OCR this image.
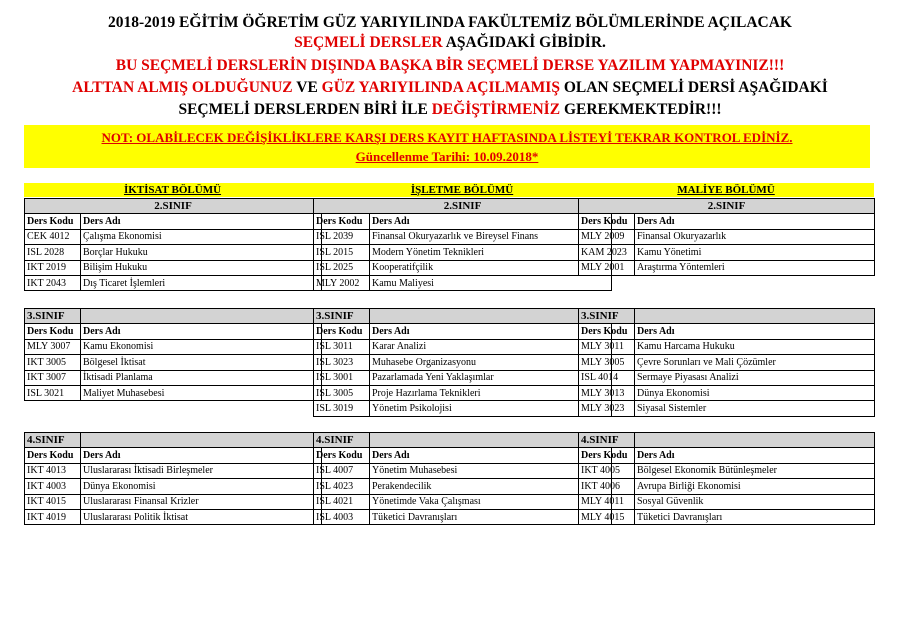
2018-2019 EĞİTİM ÖĞRETİM GÜZ YARIYILINDA FAKÜLTEMİZ BÖLÜMLERİNDE AÇILACAK
SEÇMELİ DERSLER AŞAĞIDAKİ GİBİDİR.
BU SEÇMELİ DERSLERİN DIŞINDA BAŞKA BİR SEÇMELİ DERSE YAZILIM YAPMAYINIZ!!!
ALTTAN ALMIŞ OLDUĞUNUZ VE GÜZ YARIYILINDA AÇILMAMIŞ OLAN SEÇMELİ DERSİ AŞAĞIDAKİ
SEÇMELİ DERSLERDEN BİRİ İLE DEĞİŞTİRMENİZ GEREKMEKTEDİR!!!
NOT: OLABİLECEK DEĞİŞİKLİKLERE KARŞI DERS KAYIT HAFTASINDA LİSTEYİ TEKRAR KONTROL EDİNİZ.
Güncellenme Tarihi: 10.09.2018*
İKTİSAT BÖLÜMÜ
2.SINIF	
Ders Kodu	Ders Adı
CEK 4012	Çalışma Ekonomisi
ISL 2028	Borçlar Hukuku
IKT 2019	Bilişim Hukuku
IKT 2043	Dış Ticaret İşlemleri
3.SINIF	
Ders Kodu	Ders Adı
MLY 3007	Kamu Ekonomisi
IKT 3005	Bölgesel İktisat
IKT 3007	İktisadi Planlama
ISL 3021	Maliyet Muhasebesi
4.SINIF	
Ders Kodu	Ders Adı
IKT 4013	Uluslararası İktisadi Birleşmeler
IKT 4003	Dünya Ekonomisi
IKT 4015	Uluslararası Finansal Krizler
IKT 4019	Uluslararası Politik İktisat
İŞLETME BÖLÜMÜ
2.SINIF	
Ders Kodu	Ders Adı
ISL 2039	Finansal Okuryazarlık ve Bireysel Finans
ISL 2015	Modern Yönetim Teknikleri
ISL 2025	Kooperatifçilik
MLY 2002	Kamu Maliyesi
3.SINIF	
Ders Kodu	Ders Adı
ISL 3011	Karar Analizi
ISL 3023	Muhasebe Organizasyonu
ISL 3001	Pazarlamada Yeni Yaklaşımlar
ISL 3005	Proje Hazırlama Teknikleri
ISL 3019	Yönetim Psikolojisi
4.SINIF	
Ders Kodu	Ders Adı
ISL 4007	Yönetim Muhasebesi
ISL 4023	Perakendecilik
ISL 4021	Yönetimde Vaka Çalışması
ISL 4003	Tüketici Davranışları
MALİYE BÖLÜMÜ
2.SINIF	
Ders Kodu	Ders Adı
MLY 2009	Finansal Okuryazarlık
KAM 2023	Kamu Yönetimi
MLY 2001	Araştırma Yöntemleri
3.SINIF	
Ders Kodu	Ders Adı
MLY 3011	Kamu Harcama Hukuku
MLY 3005	Çevre Sorunları ve Mali Çözümler
ISL 4014	Sermaye Piyasası Analizi
MLY 3013	Dünya Ekonomisi
MLY 3023	Siyasal Sistemler
4.SINIF	
Ders Kodu	Ders Adı
IKT 4005	Bölgesel Ekonomik Bütünleşmeler
IKT 4006	Avrupa Birliği Ekonomisi
MLY 4011	Sosyal Güvenlik
MLY 4015	Tüketici Davranışları
